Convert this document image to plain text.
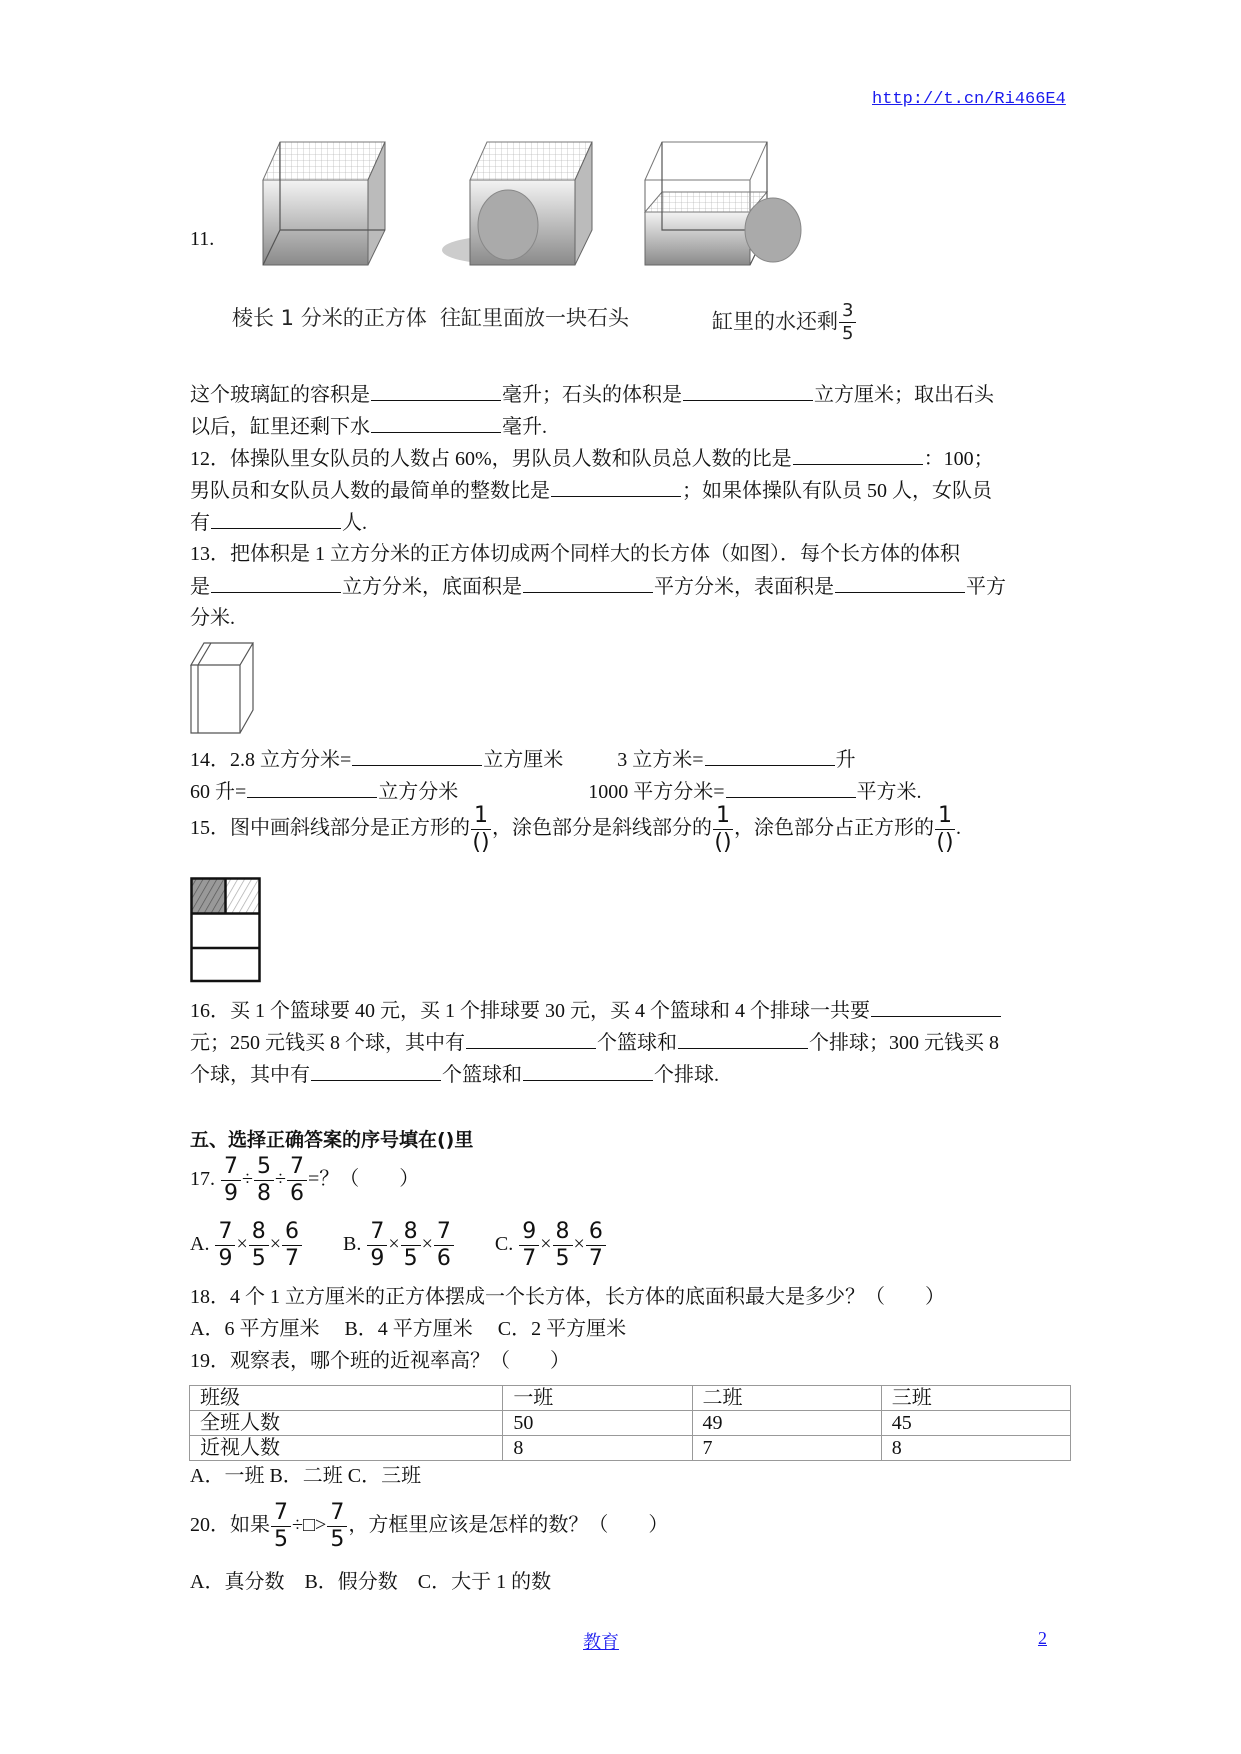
http://t.cn/Ri466E4
11.
棱长 1 分米的正方体 往缸里面放一块石头	缸里的水还剩 $\frac{3}{5}$
这个玻璃缸的容积是	毫升；石头的体积是	立方厘米；取出石头
以后，缸里还剩下水	毫升.
12．体操队里女队员的人数占 60%，男队员人数和队员总人数的比是	：100；
男队员和女队员人数的最简单的整数比是	；如果体操队有队员 50 人，女队员
有	人.
13．把体积是 1 立方分米的正方体切成两个同样大的长方体（如图）．每个长方体的体积
是	立方分米，底面积是	平方分米，表面积是	平方
分米.
14．2.8 立方分米=	立方厘米	3 立方米=	升
60 升=	立方分米	1000 平方分米=	平方米.
15．图中画斜线部分是正方形的 $\frac{1}{()}$ ，涂色部分是斜线部分的 $\frac{1}{()}$ ，涂色部分占正方形的 $\frac{1}{()}$ .
16．买 1 个篮球要 40 元，买 1 个排球要 30 元，买 4 个篮球和 4 个排球一共要
元；250 元钱买 8 个球，其中有	个篮球和	个排球；300 元钱买 8
个球，其中有	个篮球和	个排球.
五、选择正确答案的序号填在()里
17. $\frac{7}{9} \div \frac{5}{8} \div \frac{7}{6}$ =？（　　）
A. $\frac{7}{9} \times \frac{8}{5} \times \frac{6}{7} B$. $\frac{7}{9} \times \frac{8}{5} \times \frac{7}{6} C$. $\frac{9}{7} \times \frac{8}{5} \times \frac{6}{7}$
18．4 个 1 立方厘米的正方体摆成一个长方体，长方体的底面积最大是多少？（　　）
A．6 平方厘米　 B．4 平方厘米　 C．2 平方厘米
19．观察表，哪个班的近视率高？（　　）
班级	一班	二班	三班
全班人数	50	49	45
近视人数	8	7	8
A．一班 B．二班 C．三班
20．如果 $\frac{7}{5}$ ÷□> $\frac{7}{5}$ ，方框里应该是怎样的数？（　　）
A．真分数　B．假分数　C．大于 1 的数
教育	2
